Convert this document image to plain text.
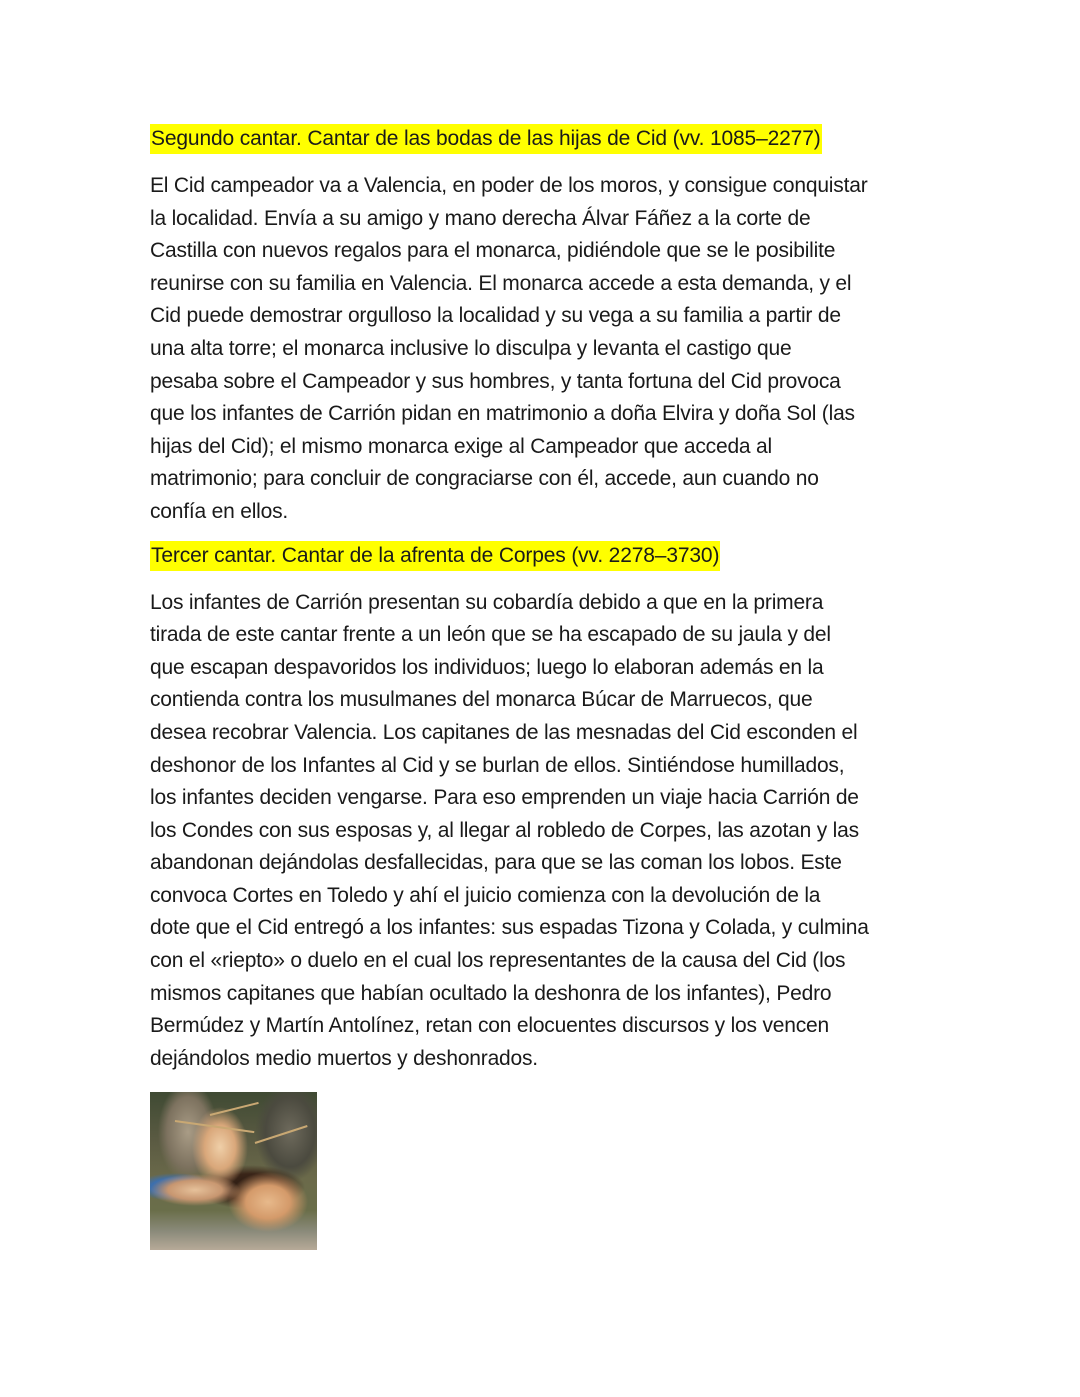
Segundo cantar. Cantar de las bodas de las hijas de Cid (vv. 1085–2277)
El Cid campeador va a Valencia, en poder de los moros, y consigue conquistar
la localidad. Envía a su amigo y mano derecha Álvar Fáñez a la corte de
Castilla con nuevos regalos para el monarca, pidiéndole que se le posibilite
reunirse con su familia en Valencia. El monarca accede a esta demanda, y el
Cid puede demostrar orgulloso la localidad y su vega a su familia a partir de
una alta torre; el monarca inclusive lo disculpa y levanta el castigo que
pesaba sobre el Campeador y sus hombres, y tanta fortuna del Cid provoca
que los infantes de Carrión pidan en matrimonio a doña Elvira y doña Sol (las
hijas del Cid); el mismo monarca exige al Campeador que acceda al
matrimonio; para concluir de congraciarse con él, accede, aun cuando no
confía en ellos.
Tercer cantar. Cantar de la afrenta de Corpes (vv. 2278–3730)
Los infantes de Carrión presentan su cobardía debido a que en la primera
tirada de este cantar frente a un león que se ha escapado de su jaula y del
que escapan despavoridos los individuos; luego lo elaboran además en la
contienda contra los musulmanes del monarca Búcar de Marruecos, que
desea recobrar Valencia. Los capitanes de las mesnadas del Cid esconden el
deshonor de los Infantes al Cid y se burlan de ellos. Sintiéndose humillados,
los infantes deciden vengarse. Para eso emprenden un viaje hacia Carrión de
los Condes con sus esposas y, al llegar al robledo de Corpes, las azotan y las
abandonan dejándolas desfallecidas, para que se las coman los lobos. Este
convoca Cortes en Toledo y ahí el juicio comienza con la devolución de la
dote que el Cid entregó a los infantes: sus espadas Tizona y Colada, y culmina
con el «riepto» o duelo en el cual los representantes de la causa del Cid (los
mismos capitanes que habían ocultado la deshonra de los infantes), Pedro
Bermúdez y Martín Antolínez, retan con elocuentes discursos y los vencen
dejándolos medio muertos y deshonrados.
